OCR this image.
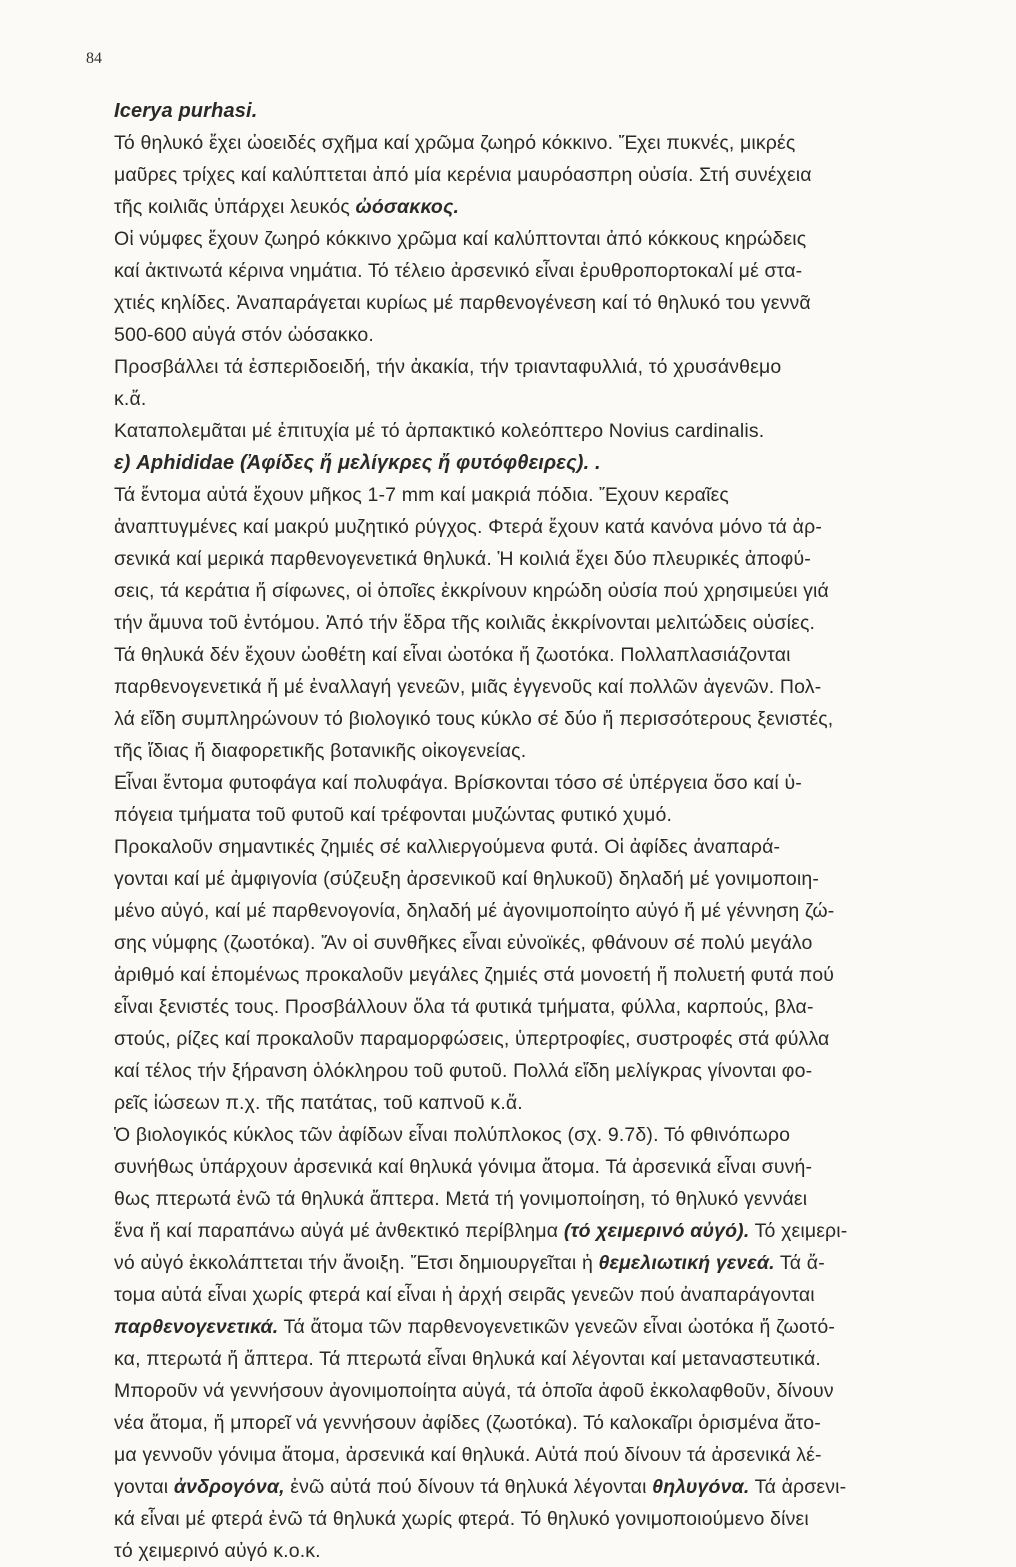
84
Icerya purhasi.
Τό θηλυκό ἔχει ὠοειδές σχῆμα καί χρῶμα ζωηρό κόκκινο. Ἔχει πυκνές, μικρές
μαῦρες τρίχες καί καλύπτεται ἀπό μία κερένια μαυρόασπρη οὐσία. Στή συνέχεια
τῆς κοιλιᾶς ὑπάρχει λευκός ὠόσακκος.
Οἱ νύμφες ἔχουν ζωηρό κόκκινο χρῶμα καί καλύπτονται ἀπό κόκκους κηρώδεις
καί ἀκτινωτά κέρινα νημάτια. Τό τέλειο ἀρσενικό εἶναι ἐρυθροπορτοκαλί μέ στα-
χτιές κηλίδες. Ἀναπαράγεται κυρίως μέ παρθενογένεση καί τό θηλυκό του γεννᾶ
500-600 αὐγά στόν ὠόσακκο.
Προσβάλλει τά ἑσπεριδοειδή, τήν ἀκακία, τήν τριανταφυλλιά, τό χρυσάνθεμο
κ.ἄ.
Καταπολεμᾶται μέ ἐπιτυχία μέ τό ἁρπακτικό κολεόπτερο Novius cardinalis.
ε) Aphididae (Ἀφίδες ἤ μελίγκρες ἤ φυτόφθειρες). .
Τά ἔντομα αὐτά ἔχουν μῆκος 1-7 mm καί μακριά πόδια. Ἔχουν κεραῖες
ἀναπτυγμένες καί μακρύ μυζητικό ρύγχος. Φτερά ἔχουν κατά κανόνα μόνο τά ἀρ-
σενικά καί μερικά παρθενογενετικά θηλυκά. Ἡ κοιλιά ἔχει δύο πλευρικές ἀποφύ-
σεις, τά κεράτια ἤ σίφωνες, οἱ ὁποῖες ἐκκρίνουν κηρώδη οὐσία πού χρησιμεύει γιά
τήν ἄμυνα τοῦ ἐντόμου. Ἀπό τήν ἕδρα τῆς κοιλιᾶς ἐκκρίνονται μελιτώδεις οὐσίες.
Τά θηλυκά δέν ἔχουν ὠοθέτη καί εἶναι ὠοτόκα ἤ ζωοτόκα. Πολλαπλασιάζονται
παρθενογενετικά ἤ μέ ἐναλλαγή γενεῶν, μιᾶς ἐγγενοῦς καί πολλῶν ἀγενῶν. Πολ-
λά εἴδη συμπληρώνουν τό βιολογικό τους κύκλο σέ δύο ἤ περισσότερους ξενιστές,
τῆς ἴδιας ἤ διαφορετικῆς βοτανικῆς οἰκογενείας.
Εἶναι ἔντομα φυτοφάγα καί πολυφάγα. Βρίσκονται τόσο σέ ὑπέργεια ὅσο καί ὑ-
πόγεια τμήματα τοῦ φυτοῦ καί τρέφονται μυζώντας φυτικό χυμό.
Προκαλοῦν σημαντικές ζημιές σέ καλλιεργούμενα φυτά. Οἱ ἀφίδες ἀναπαρά-
γονται καί μέ ἀμφιγονία (σύζευξη ἀρσενικοῦ καί θηλυκοῦ) δηλαδή μέ γονιμοποιη-
μένο αὐγό, καί μέ παρθενογονία, δηλαδή μέ ἀγονιμοποίητο αὐγό ἤ μέ γέννηση ζώ-
σης νύμφης (ζωοτόκα). Ἄν οἱ συνθῆκες εἶναι εὐνοϊκές, φθάνουν σέ πολύ μεγάλο
ἀριθμό καί ἑπομένως προκαλοῦν μεγάλες ζημιές στά μονοετή ἤ πολυετή φυτά πού
εἶναι ξενιστές τους. Προσβάλλουν ὅλα τά φυτικά τμήματα, φύλλα, καρπούς, βλα-
στούς, ρίζες καί προκαλοῦν παραμορφώσεις, ὑπερτροφίες, συστροφές στά φύλλα
καί τέλος τήν ξήρανση ὁλόκληρου τοῦ φυτοῦ. Πολλά εἴδη μελίγκρας γίνονται φο-
ρεῖς ἰώσεων π.χ. τῆς πατάτας, τοῦ καπνοῦ κ.ἄ.
Ὁ βιολογικός κύκλος τῶν ἀφίδων εἶναι πολύπλοκος (σχ. 9.7δ). Τό φθινόπωρο
συνήθως ὑπάρχουν ἀρσενικά καί θηλυκά γόνιμα ἄτομα. Τά ἀρσενικά εἶναι συνή-
θως πτερωτά ἐνῶ τά θηλυκά ἄπτερα. Μετά τή γονιμοποίηση, τό θηλυκό γεννάει
ἕνα ἤ καί παραπάνω αὐγά μέ ἀνθεκτικό περίβλημα (τό χειμερινό αὐγό). Τό χειμερι-
νό αὐγό ἐκκολάπτεται τήν ἄνοιξη. Ἔτσι δημιουργεῖται ἡ θεμελιωτική γενεά. Τά ἄ-
τομα αὐτά εἶναι χωρίς φτερά καί εἶναι ἡ ἀρχή σειρᾶς γενεῶν πού ἀναπαράγονται
παρθενογενετικά. Τά ἄτομα τῶν παρθενογενετικῶν γενεῶν εἶναι ὠοτόκα ἤ ζωοτό-
κα, πτερωτά ἤ ἄπτερα. Τά πτερωτά εἶναι θηλυκά καί λέγονται καί μεταναστευτικά.
Μποροῦν νά γεννήσουν ἀγονιμοποίητα αὐγά, τά ὁποῖα ἀφοῦ ἐκκολαφθοῦν, δίνουν
νέα ἄτομα, ἤ μπορεῖ νά γεννήσουν ἀφίδες (ζωοτόκα). Τό καλοκαῖρι ὁρισμένα ἄτο-
μα γεννοῦν γόνιμα ἄτομα, ἀρσενικά καί θηλυκά. Αὐτά πού δίνουν τά ἀρσενικά λέ-
γονται ἀνδρογόνα, ἐνῶ αὐτά πού δίνουν τά θηλυκά λέγονται θηλυγόνα. Τά ἀρσενι-
κά εἶναι μέ φτερά ἐνῶ τά θηλυκά χωρίς φτερά. Τό θηλυκό γονιμοποιούμενο δίνει
τό χειμερινό αὐγό κ.ο.κ.
